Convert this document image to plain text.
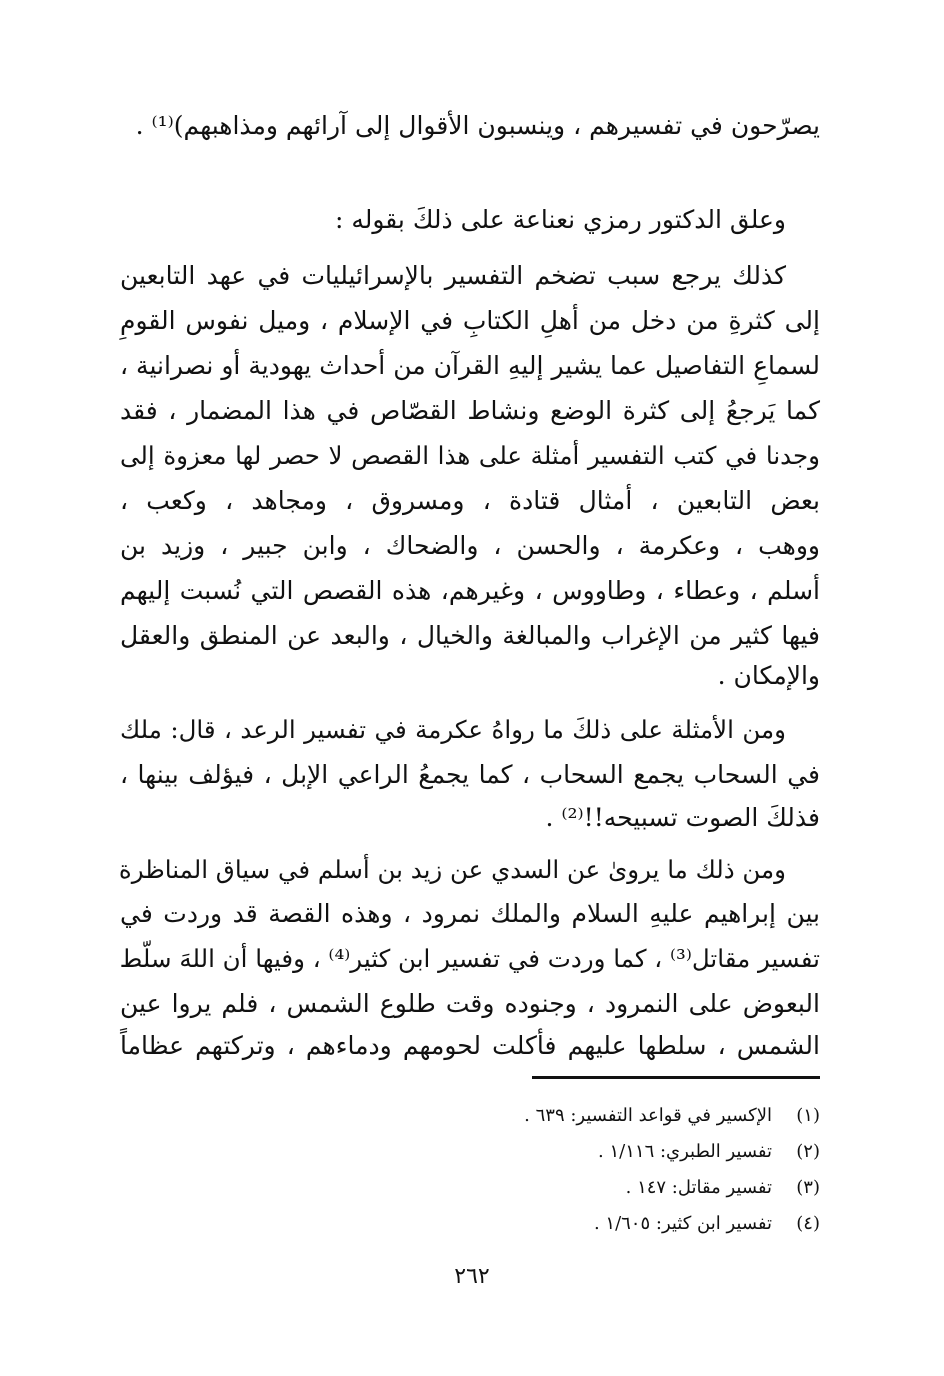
يصرّحون في تفسيرهم ، وينسبون الأقوال إلى آرائهم ومذاهبهم)⁽¹⁾ .
وعلق الدكتور رمزي نعناعة على ذلكَ بقوله :
كذلك يرجع سبب تضخم التفسير بالإسرائيليات في عهد التابعين
إلى كثرةِ من دخل من أهلِ الكتابِ في الإسلام ، وميل نفوس القومِ
لسماعِ التفاصيل عما يشير إليهِ القرآن من أحداث يهودية أو نصرانية ،
كما يَرجعُ إلى كثرة الوضع ونشاط القصّاص في هذا المضمار ، فقد
وجدنا في كتب التفسير أمثلة على هذا القصص لا حصر لها معزوة إلى
بعض التابعين ، أمثال قتادة ، ومسروق ، ومجاهد ، وكعب ،
ووهب ، وعكرمة ، والحسن ، والضحاك ، وابن جبير ، وزيد بن
أسلم ، وعطاء ، وطاووس ، وغيرهم، هذه القصص التي نُسبت إليهم
فيها كثير من الإغراب والمبالغة والخيال ، والبعد عن المنطق والعقل
والإمكان .
ومن الأمثلة على ذلكَ ما رواهُ عكرمة في تفسير الرعد ، قال: ملك
في السحاب يجمع السحاب ، كما يجمعُ الراعي الإبل ، فيؤلف بينها ،
فذلكَ الصوت تسبيحه!!⁽²⁾ .
ومن ذلك ما يرویٰ عن السدي عن زيد بن أسلم في سياق المناظرة
بين إبراهيم عليهِ السلام والملك نمرود ، وهذه القصة قد وردت في
تفسير مقاتل⁽³⁾ ، كما وردت في تفسير ابن كثير⁽⁴⁾ ، وفيها أن اللهَ سلّط
البعوض على النمرود ، وجنوده وقت طلوع الشمس ، فلم يروا عين
الشمس ، سلطها عليهم فأكلت لحومهم ودماءهم ، وتركتهم عظاماً
(١)الإكسير في قواعد التفسير: ٦٣٩ .
(٢)تفسير الطبري: ١/١١٦ .
(٣)تفسير مقاتل: ١٤٧ .
(٤)تفسير ابن كثير: ١/٦٠٥ .
٢٦٢
